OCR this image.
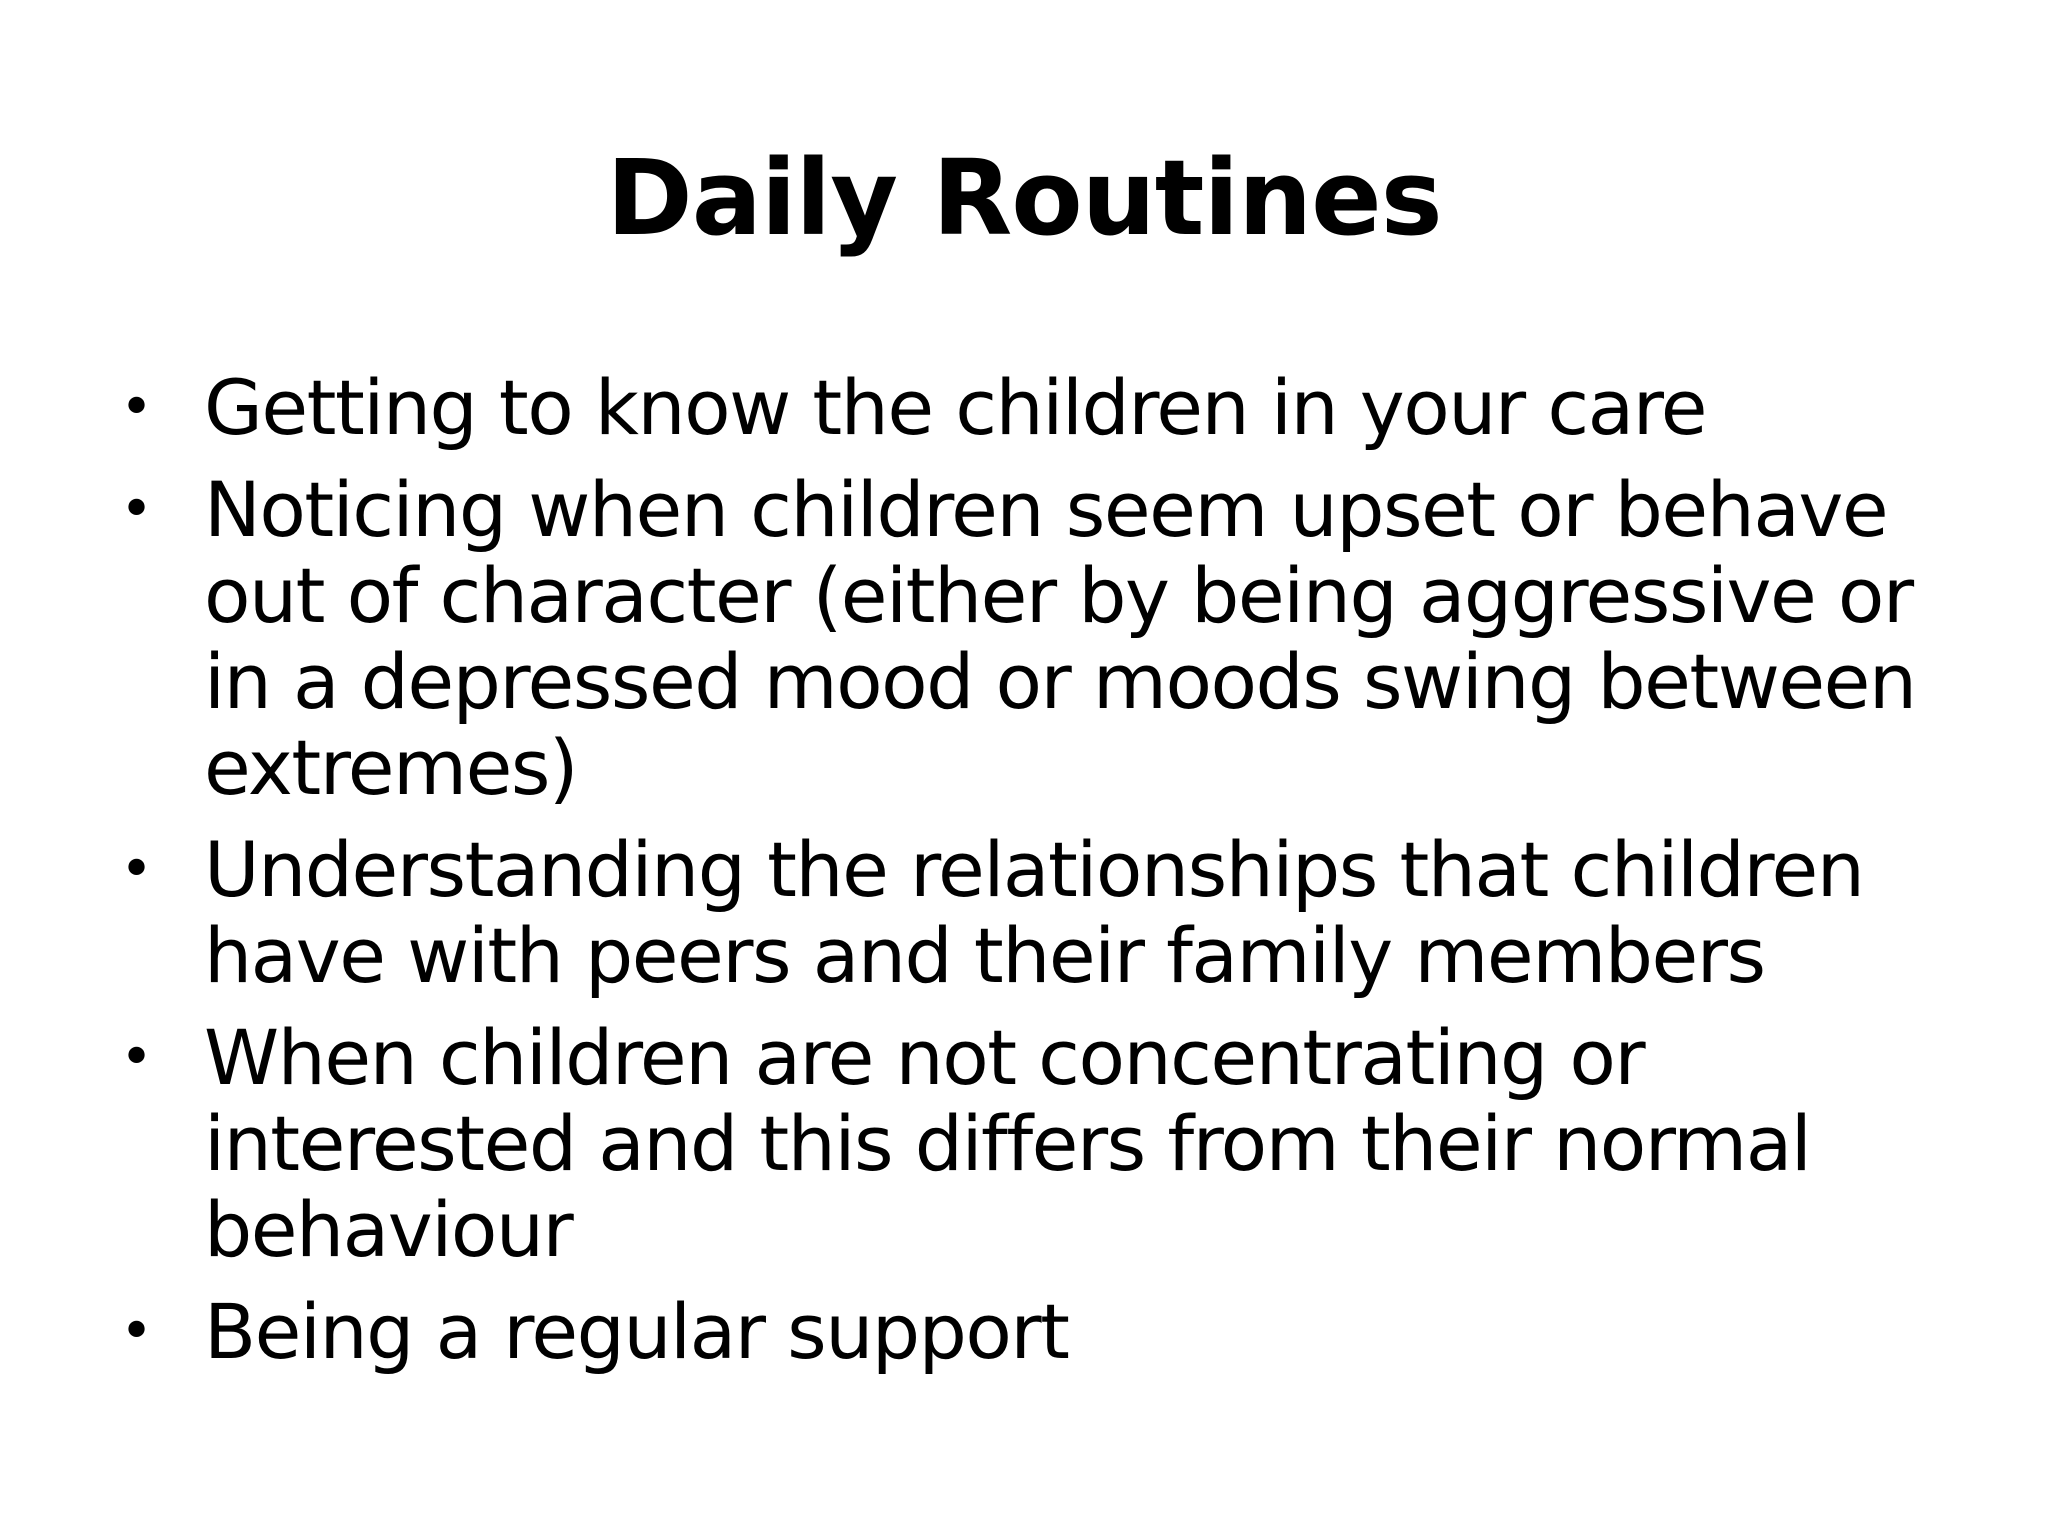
Daily Routines
• Getting to know the children in your care
• Noticing when children seem upset or behave out of character (either by being aggressive or in a depressed mood or moods swing between extremes)
• Understanding the relationships that children have with peers and their family members
• When children are not concentrating or interested and this differs from their normal behaviour
• Being a regular support
